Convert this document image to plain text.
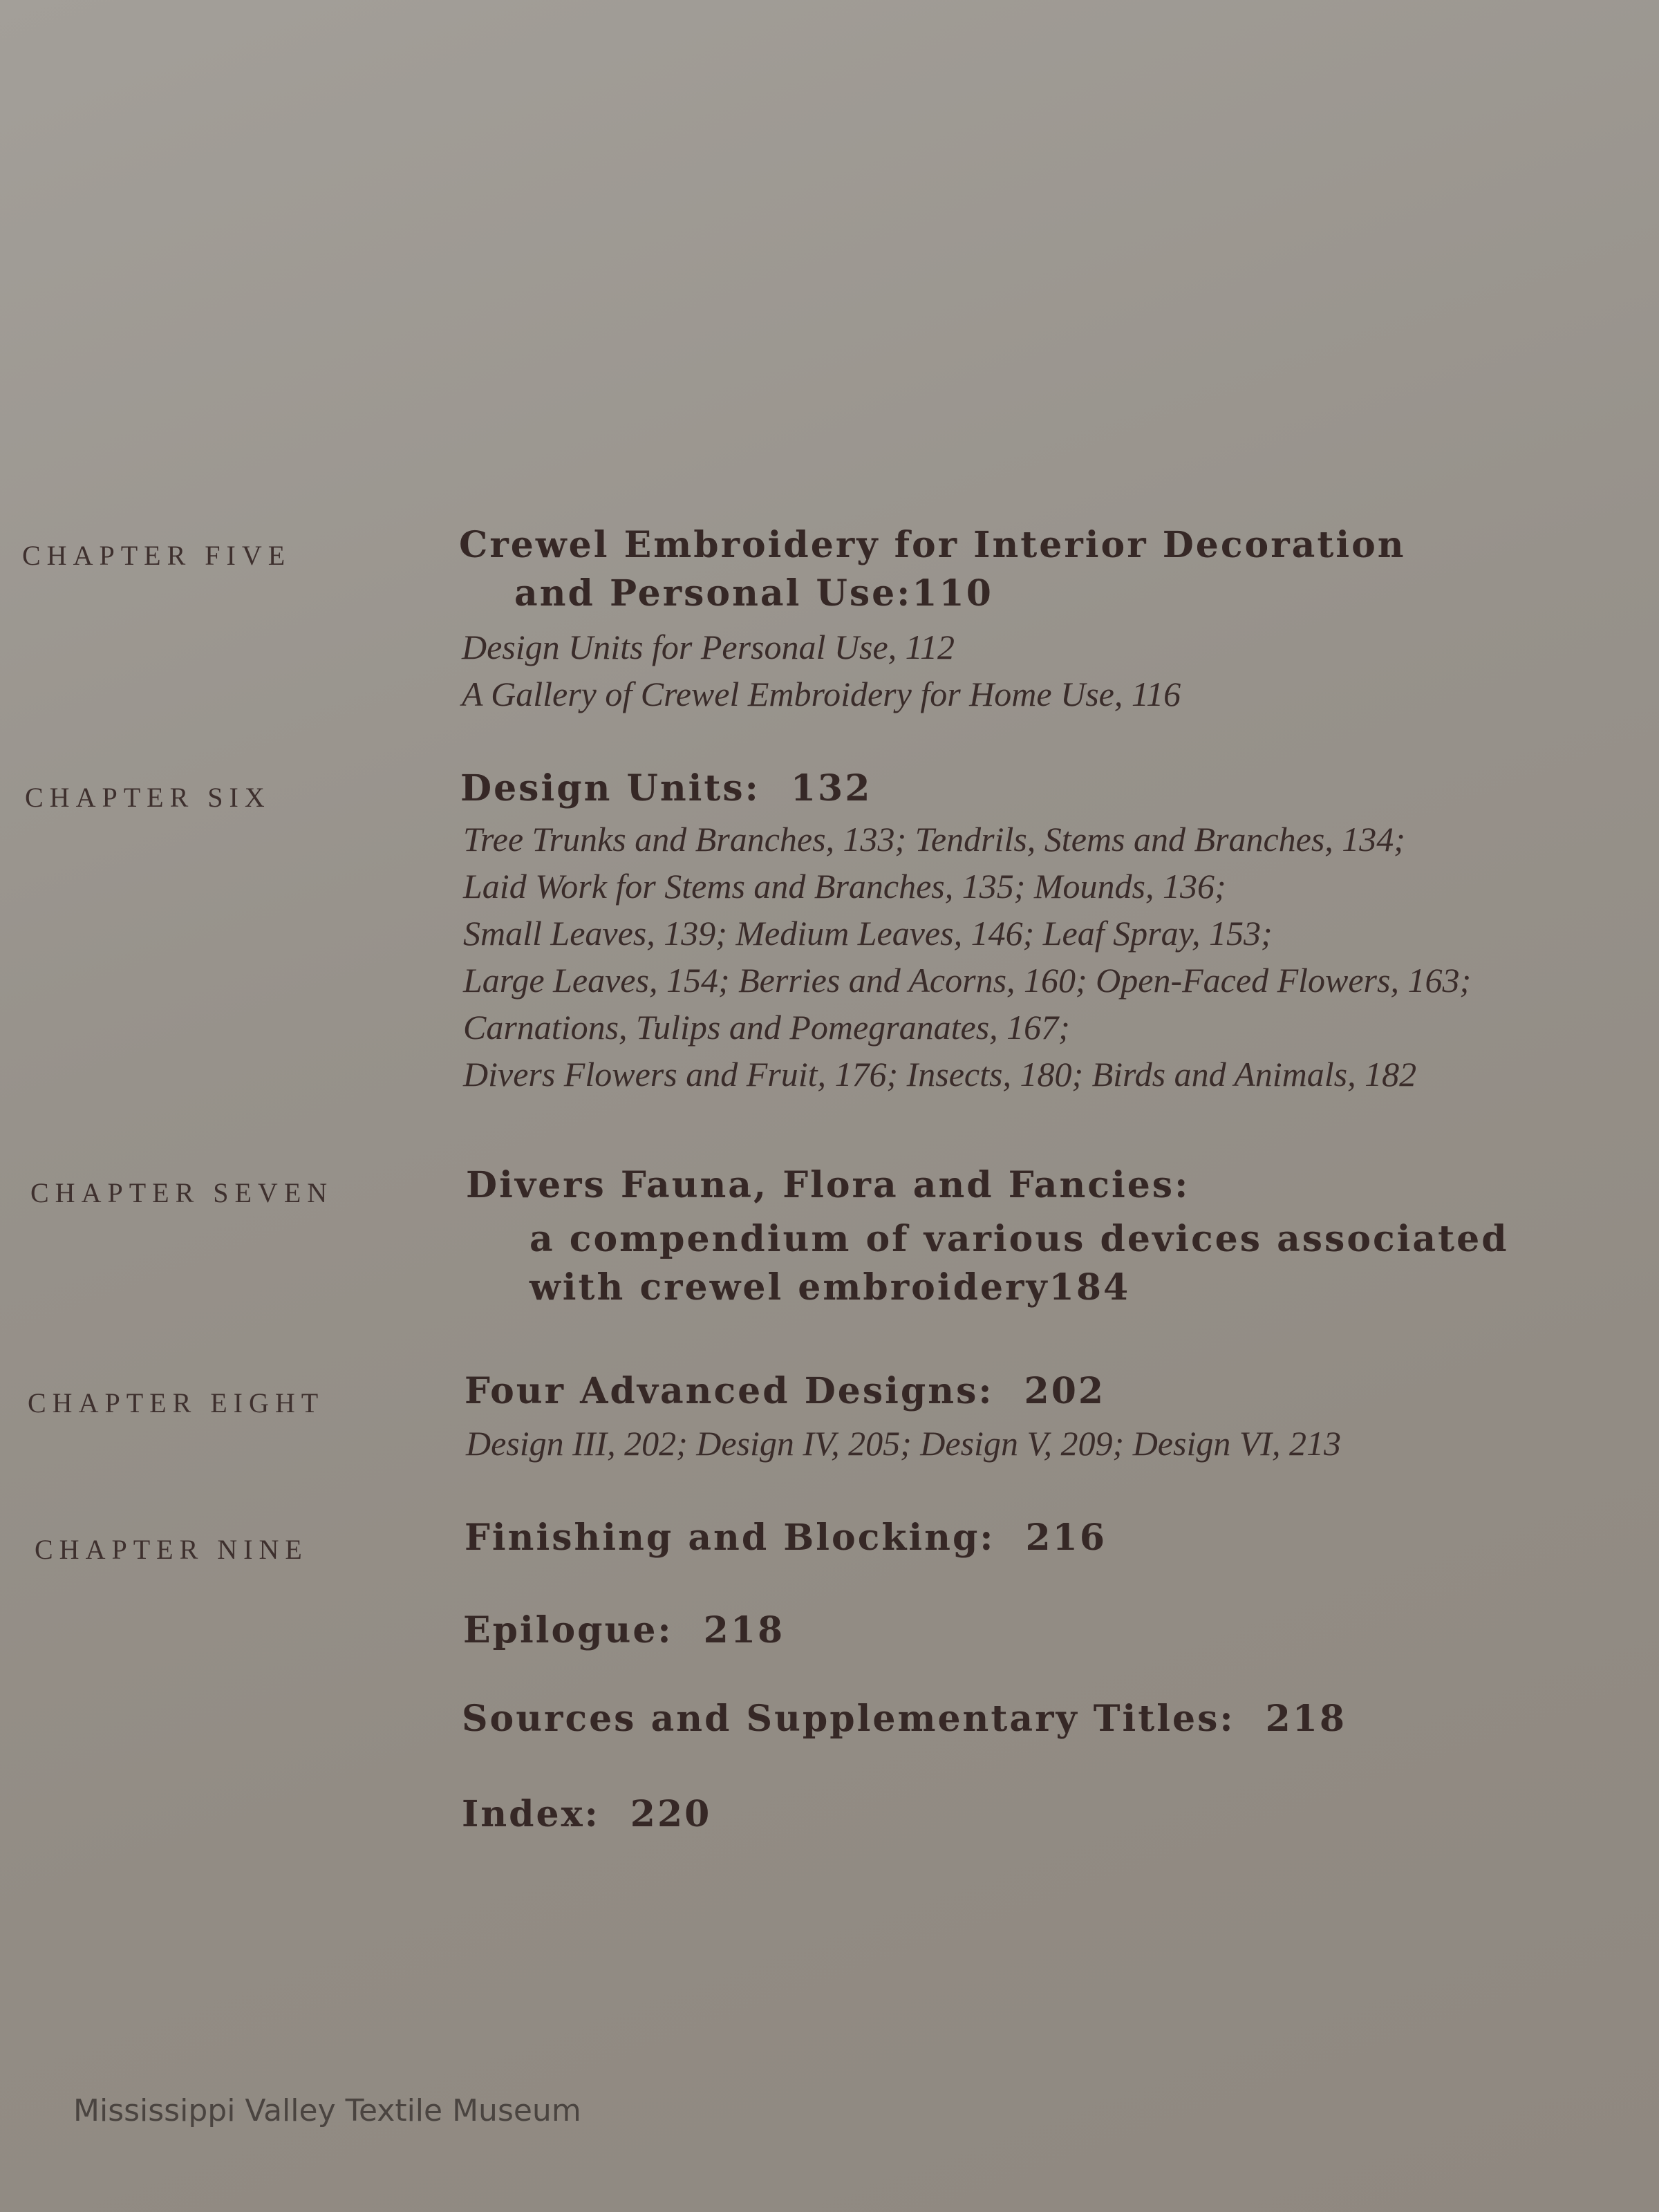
CHAPTER FIVE	Crewel Embroidery for Interior Decoration
and Personal Use:110
Design Units for Personal Use, 112
A Gallery of Crewel Embroidery for Home Use, 116
CHAPTER SIX	Design Units: 132
Tree Trunks and Branches, 133; Tendrils, Stems and Branches, 134;
Laid Work for Stems and Branches, 135; Mounds, 136;
Small Leaves, 139; Medium Leaves, 146; Leaf Spray, 153;
Large Leaves, 154; Berries and Acorns, 160; Open-Faced Flowers, 163;
Carnations, Tulips and Pomegranates, 167;
Divers Flowers and Fruit, 176; Insects, 180; Birds and Animals, 182
CHAPTER SEVEN	Divers Fauna, Flora and Fancies:
a compendium of various devices associated
with crewel embroidery184
CHAPTER EIGHT	Four Advanced Designs: 202
Design III, 202; Design IV, 205; Design V, 209; Design VI, 213
CHAPTER NINE	Finishing and Blocking: 216
Epilogue: 218
Sources and Supplementary Titles: 218
Index: 220
Mississippi Valley Textile Museum
